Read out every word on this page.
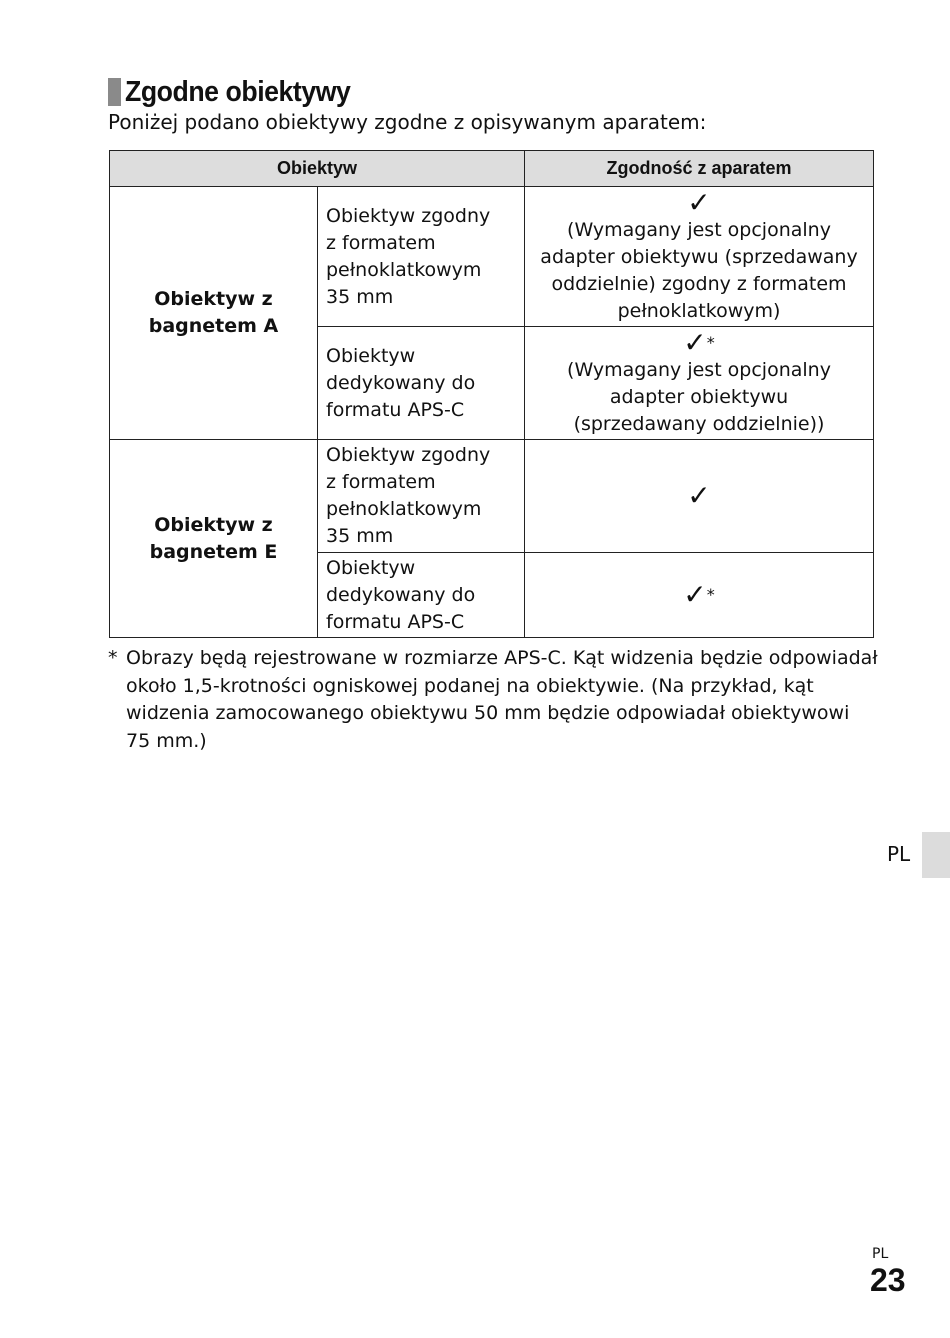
Zgodne obiektywy
Poniżej podano obiektywy zgodne z opisywanym aparatem:
Obiektyw		Zgodność z aparatem

Obiektyw z bagnetem A	Obiektyw zgodny z formatem pełnoklatkowym 35 mm	✓
(Wymagany jest opcjonalny adapter obiektywu (sprzedawany oddzielnie) zgodny z formatem pełnoklatkowym)

	Obiektyw dedykowany do formatu APS-C	✓*
(Wymagany jest opcjonalny adapter obiektywu (sprzedawany oddzielnie))

Obiektyw z bagnetem E	Obiektyw zgodny z formatem pełnoklatkowym 35 mm	✓

	Obiektyw dedykowany do formatu APS-C	✓*
* Obrazy będą rejestrowane w rozmiarze APS-C. Kąt widzenia będzie odpowiadał około 1,5-krotności ogniskowej podanej na obiektywie. (Na przykład, kąt widzenia zamocowanego obiektywu 50 mm będzie odpowiadał obiektywowi 75 mm.)
PL
PL
23
